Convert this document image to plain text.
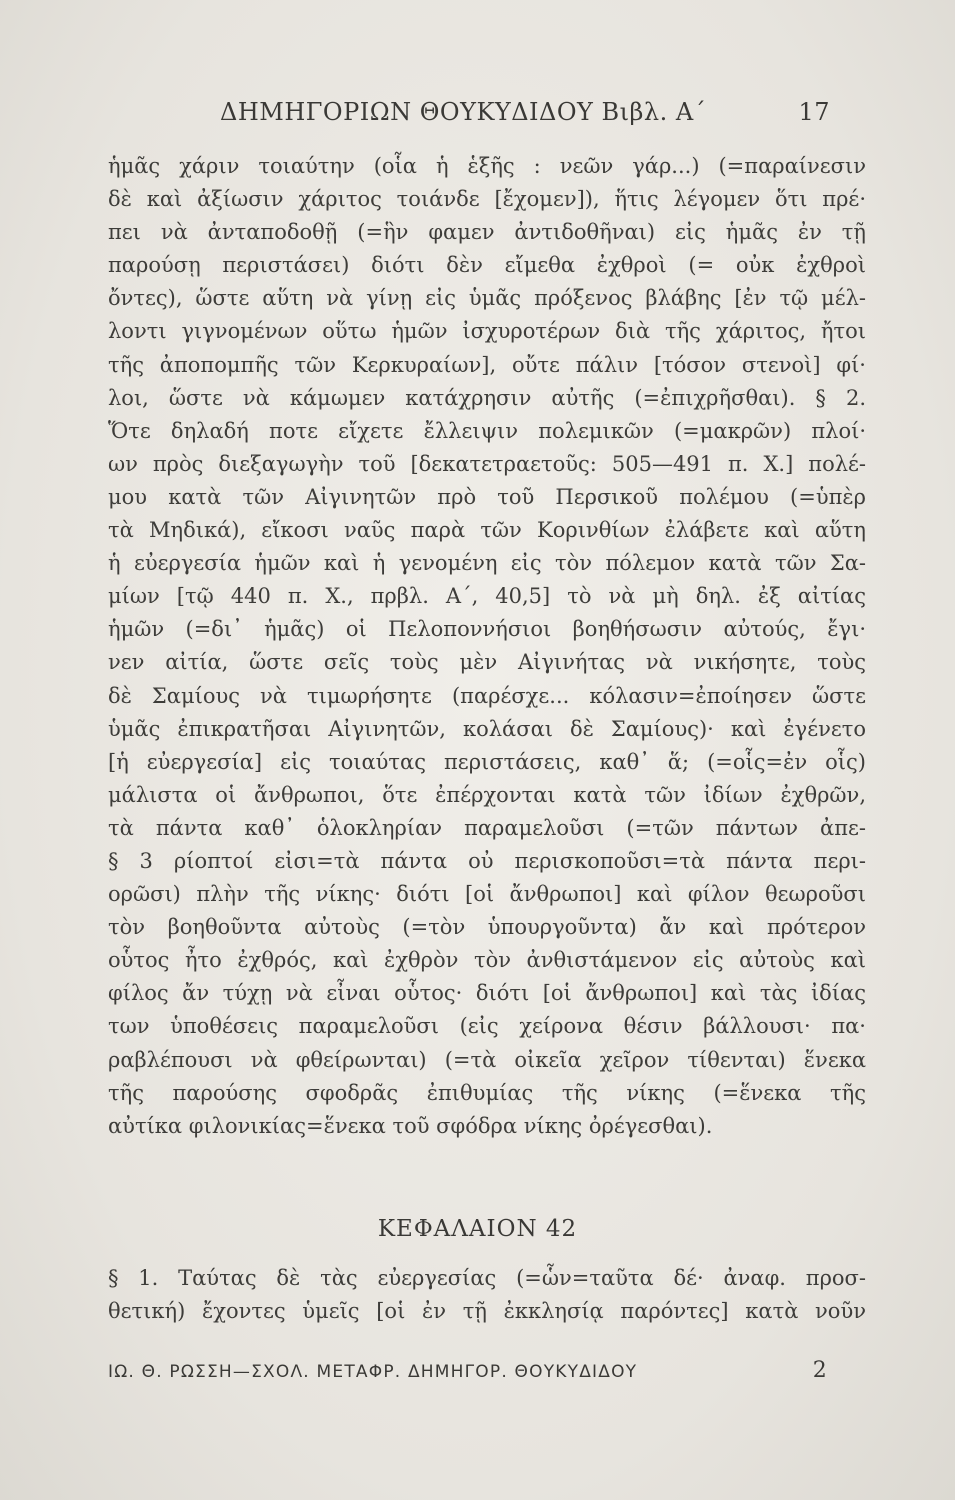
ΔΗΜΗΓΟΡΙΩΝ ΘΟΥΚΥΔΙΔΟΥ Βιβλ. Α΄	17
ἡμᾶς χάριν τοιαύτην (οἷα ἡ ἑξῆς : νεῶν γάρ...) (=παραίνεσιν
δὲ καὶ ἀξίωσιν χάριτος τοιάνδε [ἔχομεν]), ἥτις λέγομεν ὅτι πρέ·
πει νὰ ἀνταποδοθῇ (=ἣν φαμεν ἀντιδοθῆναι) εἰς ἡμᾶς ἐν τῇ
παρούσῃ περιστάσει) διότι δὲν εἴμεθα ἐχθροὶ (= οὐκ ἐχθροὶ
ὄντες), ὥστε αὕτη νὰ γίνῃ εἰς ὑμᾶς πρόξενος βλάβης [ἐν τῷ μέλ-
λοντι γιγνομένων οὕτω ἡμῶν ἰσχυροτέρων διὰ τῆς χάριτος, ἤτοι
τῆς ἀποπομπῆς τῶν Κερκυραίων], οὔτε πάλιν [τόσον στενοὶ] φί·
λοι, ὥστε νὰ κάμωμεν κατάχρησιν αὐτῆς (=ἐπιχρῆσθαι). § 2.
Ὅτε δηλαδή ποτε εἴχετε ἔλλειψιν πολεμικῶν (=μακρῶν) πλοί·
ων πρὸς διεξαγωγὴν τοῦ [δεκατετραετοῦς: 505—491 π. Χ.] πολέ-
μου κατὰ τῶν Αἰγινητῶν πρὸ τοῦ Περσικοῦ πολέμου (=ὑπὲρ
τὰ Μηδικά), εἴκοσι ναῦς παρὰ τῶν Κορινθίων ἐλάβετε καὶ αὕτη
ἡ εὐεργεσία ἡμῶν καὶ ἡ γενομένη εἰς τὸν πόλεμον κατὰ τῶν Σα-
μίων [τῷ 440 π. Χ., πρβλ. Α΄, 40,5] τὸ νὰ μὴ δηλ. ἐξ αἰτίας
ἡμῶν (=δι᾽ ἡμᾶς) οἱ Πελοποννήσιοι βοηθήσωσιν αὐτούς, ἔγι·
νεν αἰτία, ὥστε σεῖς τοὺς μὲν Αἰγινήτας νὰ νικήσητε, τοὺς
δὲ Σαμίους νὰ τιμωρήσητε (παρέσχε... κόλασιν=ἐποίησεν ὥστε
ὑμᾶς ἐπικρατῆσαι Αἰγινητῶν, κολάσαι δὲ Σαμίους)· καὶ ἐγένετο
[ἡ εὐεργεσία] εἰς τοιαύτας περιστάσεις, καθ᾽ ἅ; (=οἷς=ἐν οἷς)
μάλιστα οἱ ἄνθρωποι, ὅτε ἐπέρχονται κατὰ τῶν ἰδίων ἐχθρῶν,
τὰ πάντα καθ᾽ ὁλοκληρίαν παραμελοῦσι (=τῶν πάντων ἀπε-
§ 3 ρίοπτοί εἰσι=τὰ πάντα οὐ περισκοποῦσι=τὰ πάντα περι-
ορῶσι) πλὴν τῆς νίκης· διότι [οἱ ἄνθρωποι] καὶ φίλον θεωροῦσι
τὸν βοηθοῦντα αὐτοὺς (=τὸν ὑπουργοῦντα) ἄν καὶ πρότερον
οὗτος ἦτο ἐχθρός, καὶ ἐχθρὸν τὸν ἀνθιστάμενον εἰς αὐτοὺς καὶ
φίλος ἄν τύχῃ νὰ εἶναι οὗτος· διότι [οἱ ἄνθρωποι] καὶ τὰς ἰδίας
των ὑποθέσεις παραμελοῦσι (εἰς χείρονα θέσιν βάλλουσι· πα·
ραβλέπουσι νὰ φθείρωνται) (=τὰ οἰκεῖα χεῖρον τίθενται) ἕνεκα
τῆς παρούσης σφοδρᾶς ἐπιθυμίας τῆς νίκης (=ἕνεκα τῆς
αὐτίκα φιλονικίας=ἕνεκα τοῦ σφόδρα νίκης ὀρέγεσθαι).
ΚΕΦΑΛΑΙΟΝ 42
§ 1. Ταύτας δὲ τὰς εὐεργεσίας (=ὧν=ταῦτα δέ· ἀναφ. προσ-
θετική) ἔχοντες ὑμεῖς [οἱ ἐν τῇ ἐκκλησίᾳ παρόντες] κατὰ νοῦν
ΙΩ. Θ. ΡΩΣΣΗ—ΣΧΟΛ. ΜΕΤΑΦΡ. ΔΗΜΗΓΟΡ. ΘΟΥΚΥΔΙΔΟΥ	2
